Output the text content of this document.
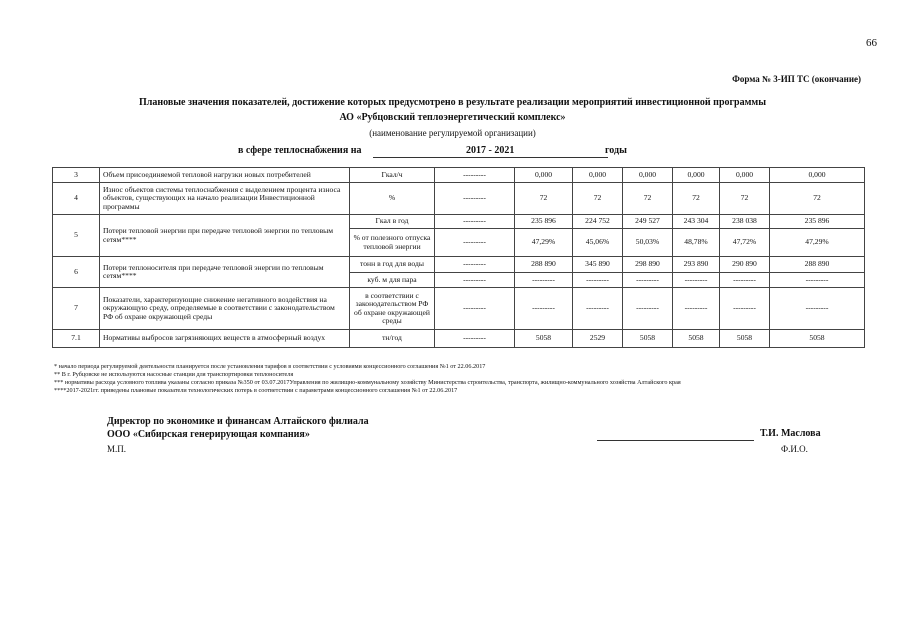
66
Форма № 3-ИП ТС (окончание)
Плановые значения показателей, достижение которых предусмотрено в результате реализации мероприятий инвестиционной программы
АО «Рубцовский теплоэнергетический комплекс»
(наименование регулируемой организации)
в сфере теплоснабжения на	2017 - 2021	годы
3	Объем присоединяемой тепловой нагрузки новых потребителей	Гкал/ч	---------	0,000	0,000	0,000	0,000	0,000	0,000
4	Износ объектов системы теплоснабжения с выделением процента износа объектов, существующих на начало реализации Инвестиционной программы	%	---------	72	72	72	72	72	72
5	Потери тепловой энергии при передаче тепловой энергии по тепловым сетям****	Гкал в год	---------	235 896	224 752	249 527	243 304	238 038	235 896
		% от полезного отпуска тепловой энергии	---------	47,29%	45,06%	50,03%	48,78%	47,72%	47,29%
6	Потери теплоносителя при передаче тепловой энергии по тепловым сетям****	тонн в год для воды	---------	288 890	345 890	298 890	293 890	290 890	288 890
		куб. м для пара	---------	---------	---------	---------	---------	---------	---------
7	Показатели, характеризующие снижение негативного воздействия на окружающую среду, определяемые в соответствии с законодательством РФ об охране окружающей среды	в соответствии с законодательством РФ об охране окружающей среды	---------	---------	---------	---------	---------	---------	---------
7.1	Нормативы выбросов загрязняющих веществ в атмосферный воздух	тн/год	---------	5058	2529	5058	5058	5058	5058
* начало периода регулируемой деятельности планируется после установления тарифов в соответствии с условиями концессионного соглашения №1 от 22.06.2017
** В г. Рубцовске не используются насосные станции для транспортировки теплоносителя
*** нормативы расхода условного топлива указаны согласно приказа №350 от 03.07.2017Управления по жилищно-коммунальному хозяйству Министерства строительства, транспорта, жилищно-коммунального хозяйства Алтайского края
****2017-2021гг. приведены плановые показатели технологических потерь в соответствии с параметрами концессионного соглашения №1 от 22.06.2017
Директор по экономике и финансам Алтайского филиала
ООО «Сибирская генерирующая компания»
М.П.
Т.И. Маслова
Ф.И.О.
